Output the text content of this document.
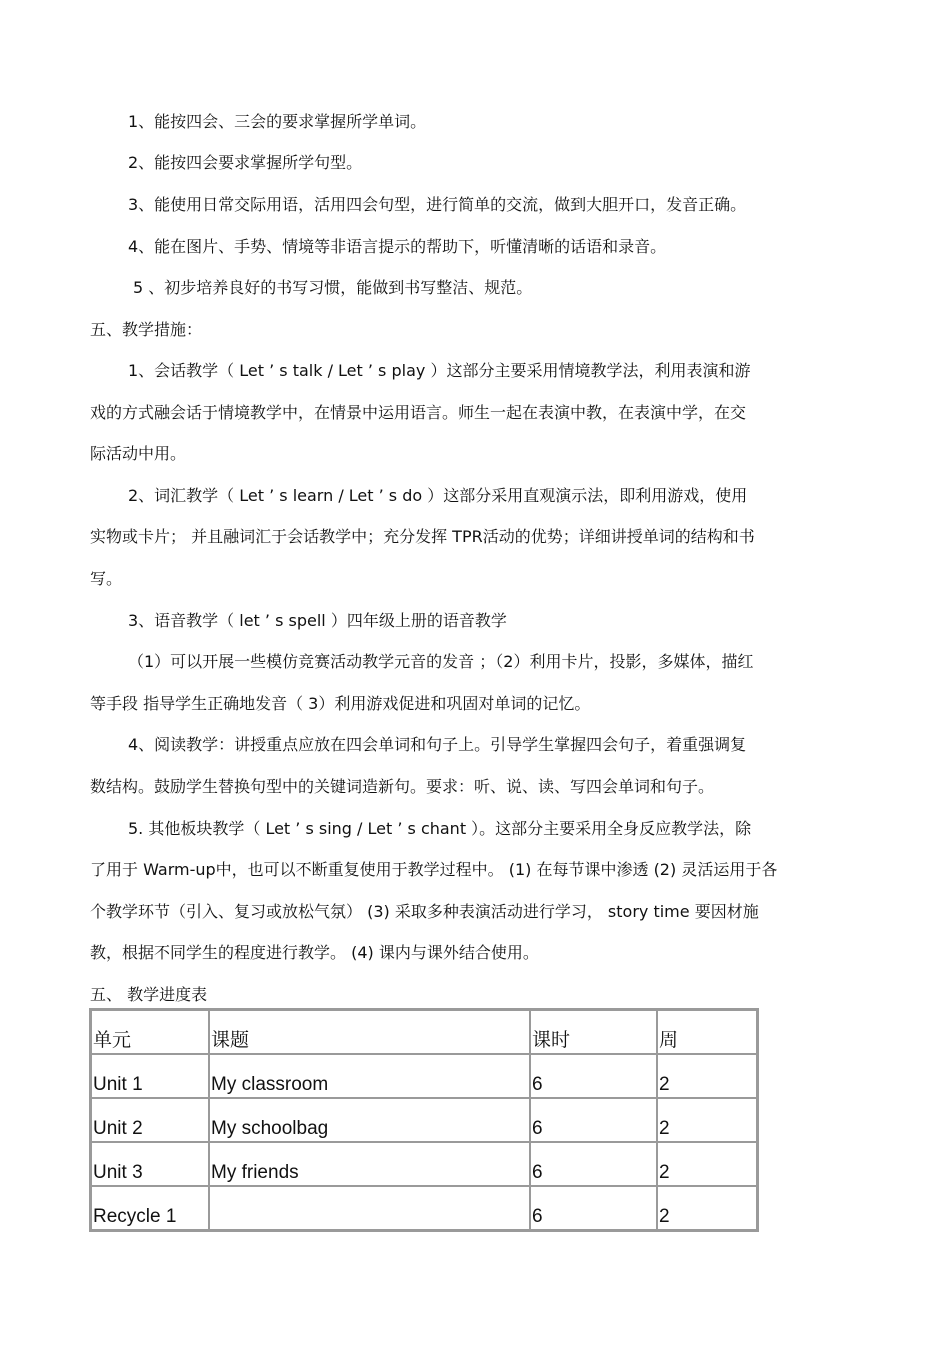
1、能按四会、三会的要求掌握所学单词。
2、能按四会要求掌握所学句型。
3、能使用日常交际用语，活用四会句型，进行简单的交流，做到大胆开口，发音正确。
4、能在图片、手势、情境等非语言提示的帮助下，听懂清晰的话语和录音。
5 、初步培养良好的书写习惯，能做到书写整洁、规范。
五、教学措施：
1、会话教学（ Let ’ s talk / Let ’ s play ）这部分主要采用情境教学法，利用表演和游
戏的方式融会话于情境教学中，在情景中运用语言。师生一起在表演中教，在表演中学，在交
际活动中用。
2、词汇教学（ Let ’ s learn / Let ’ s do ）这部分采用直观演示法，即利用游戏，使用
实物或卡片； 并且融词汇于会话教学中；充分发挥 TPR活动的优势；详细讲授单词的结构和书
写。
3、语音教学（ let ’ s spell ）四年级上册的语音教学
（1）可以开展一些模仿竞赛活动教学元音的发音 ；（2）利用卡片，投影，多媒体，描红
等手段 指导学生正确地发音（ 3）利用游戏促进和巩固对单词的记忆。
4、阅读教学：讲授重点应放在四会单词和句子上。引导学生掌握四会句子，着重强调复
数结构。鼓励学生替换句型中的关键词造新句。要求：听、说、读、写四会单词和句子。
5. 其他板块教学（ Let ’ s sing / Let ’ s chant ）。这部分主要采用全身反应教学法，除
了用于 Warm-up中，也可以不断重复使用于教学过程中。 (1) 在每节课中渗透 (2) 灵活运用于各
个教学环节（引入、复习或放松气氛） (3) 采取多种表演活动进行学习， story time 要因材施
教，根据不同学生的程度进行教学。 (4) 课内与课外结合使用。
五、 教学进度表
单元	课题	课时	周
Unit 1	My classroom	6	2
Unit 2	My schoolbag	6	2
Unit 3	My friends	6	2
Recycle 1		6	2
